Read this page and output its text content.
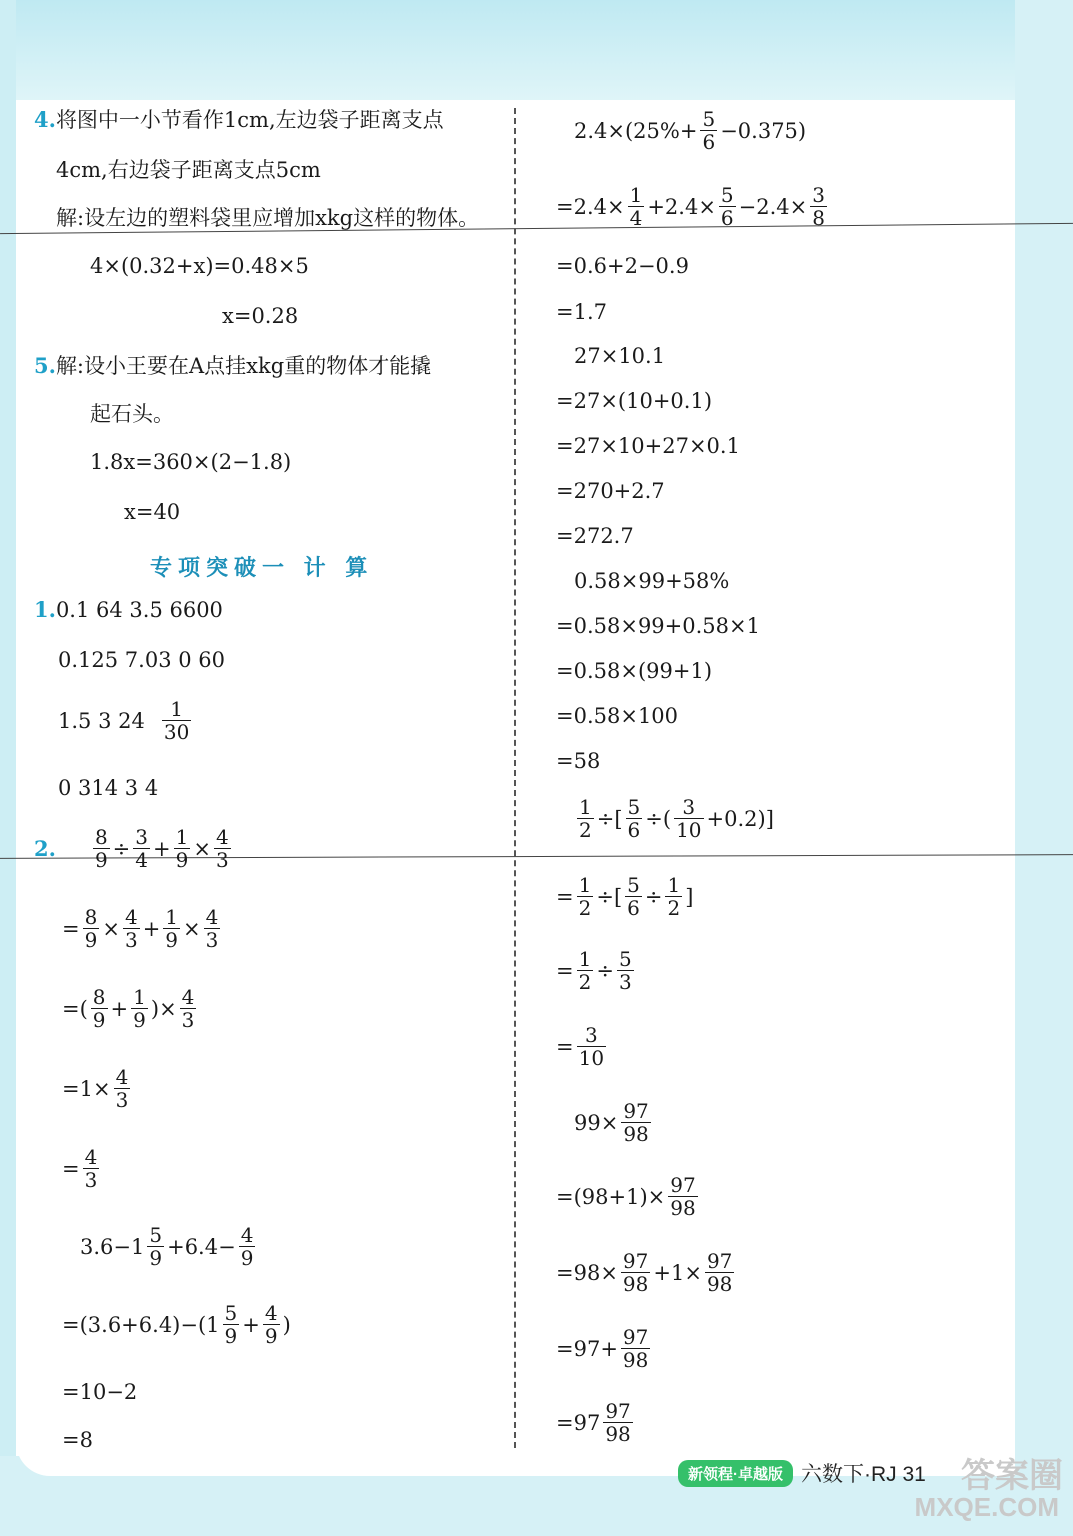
4. 将图中一小节看作1cm,左边袋子距离支点
4cm,右边袋子距离支点5cm
解:设左边的塑料袋里应增加xkg这样的物体。
4×(0.32+x)=0.48×5
x=0.28
5. 解:设小王要在A点挂xkg重的物体才能撬
起石头。
1.8x=360×(2−1.8)
x=40
专项突破一 计 算
1. 0.1 64 3.5 6600
0.125 7.03 0 60
1.5 3 $24 \frac{1}{30}$
0 314 3 4
2. $\frac{8}{9} \div \frac{3}{4} + \frac{1}{9} \times \frac{4}{3}$
= $\frac{8}{9} \times \frac{4}{3} + \frac{1}{9} \times \frac{4}{3}$
=( $\frac{8}{9} + \frac{1}{9}$ )× $\frac{4}{3}$
$=1\times \frac{4}{3}$
= $\frac{4}{3}$
$3.6-1 \frac{5}{9} +6.4- \frac{4}{9}$
$=(3.6+6.4)-(1 \frac{5}{9} + \frac{4}{9}$ )
=10−2
=8
$2.4\times(25\%+ \frac{5}{6} -0.375)$
$=2.4\times \frac{1}{4} +2.4\times \frac{5}{6} -2.4\times \frac{3}{8}$
=0.6+2−0.9
=1.7
27×10.1
=27×(10+0.1)
=27×10+27×0.1
=270+2.7
=272.7
0.58×99+58%
=0.58×99+0.58×1
=0.58×(99+1)
=0.58×100
=58
$\frac{1}{2}$ ÷[ $\frac{5}{6}$ ÷( $\frac{3}{10} +0.2$)]
= $\frac{1}{2}$ ÷[ $\frac{5}{6} \div \frac{1}{2}$ ]
= $\frac{1}{2} \div \frac{5}{3}$
= $\frac{3}{10}$
$99\times \frac{97}{98}$
$=(98+1)\times \frac{97}{98}$
$=98\times \frac{97}{98} +1\times \frac{97}{98}$
$=97+ \frac{97}{98}$
$=97 \frac{97}{98}$
新领程·卓越版 六数下·RJ 31 答案圈
MXQE.COM
